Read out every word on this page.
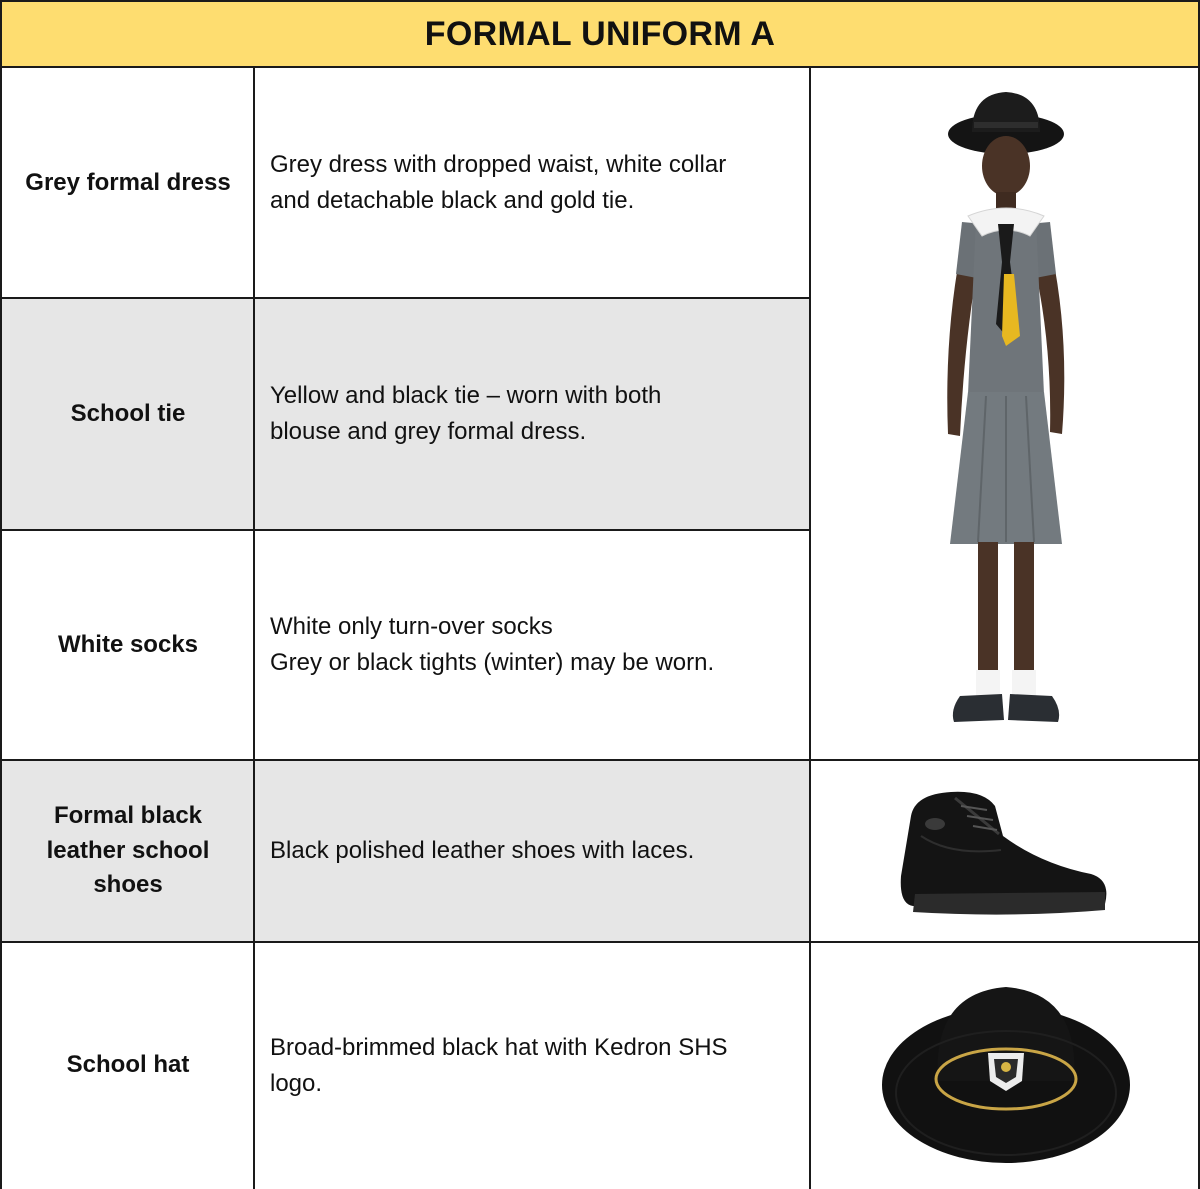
FORMAL UNIFORM A
Grey formal dress
Grey dress with dropped waist, white collar
and detachable black and gold tie.
School tie
Yellow and black tie – worn with both
blouse and grey formal dress.
White socks
White only turn-over socks
Grey or black tights (winter) may be worn.
Formal black leather school shoes
Black polished leather shoes with laces.
School hat
Broad-brimmed black hat with Kedron SHS
logo.
